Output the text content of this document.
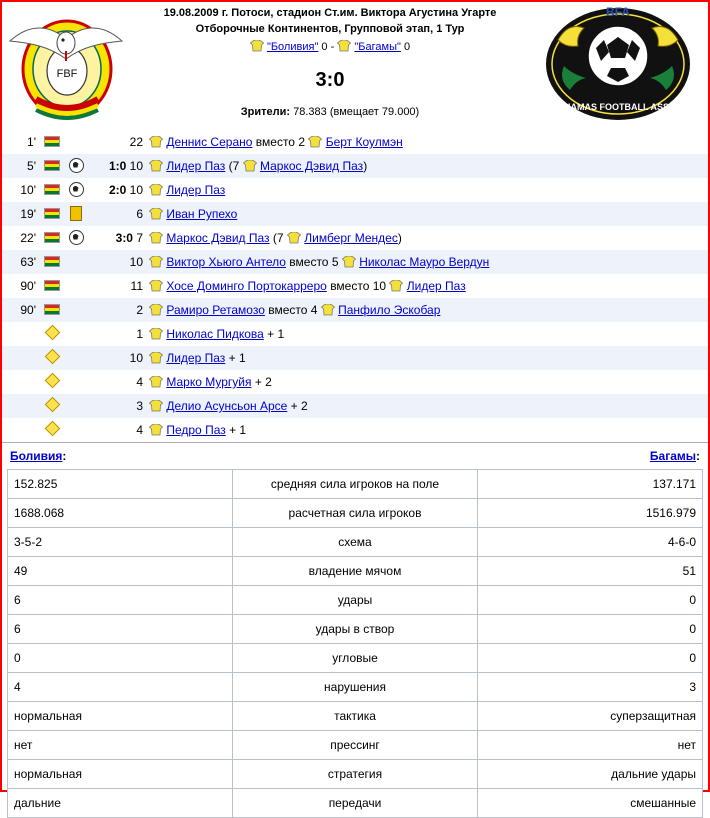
FBF
19.08.2009 г. Потоси, стадион Ст.им. Виктора Агустина Угарте
Отборочные Континентов, Групповой этап, 1 Тур
"Боливия" 0 - "Багамы" 0
3:0
Зрители: 78.383 (вмещает 79.000)
BFA
BAHAMAS FOOTBALL ASSOC.
1'			22	Деннис Серано вместо 2 Берт Коулмэн
5'			1:0 10	Лидер Паз (7 Маркос Дэвид Паз)
10'			2:0 10	Лидер Паз
19'			6	Иван Рупехо
22'			3:0 7	Маркос Дэвид Паз (7 Лимберг Мендес)
63'			10	Виктор Хьюго Антело вместо 5 Николас Мауро Вердун
90'			11	Хосе Доминго Портокарреро вместо 10 Лидер Паз
90'			2	Рамиро Ретамозо вместо 4 Панфило Эскобар
			1	Николас Пидкова + 1
			10	Лидер Паз + 1
			4	Марко Мургуйя + 2
			3	Делио Асунсьон Арсе + 2
			4	Педро Паз + 1
Боливия:	Багамы:
152.825	средняя сила игроков на поле	137.171
1688.068	расчетная сила игроков	1516.979
3-5-2	схема	4-6-0
49	владение мячом	51
6	удары	0
6	удары в створ	0
0	угловые	0
4	нарушения	3
нормальная	тактика	суперзащитная
нет	прессинг	нет
нормальная	стратегия	дальние удары
дальние	передачи	смешанные
